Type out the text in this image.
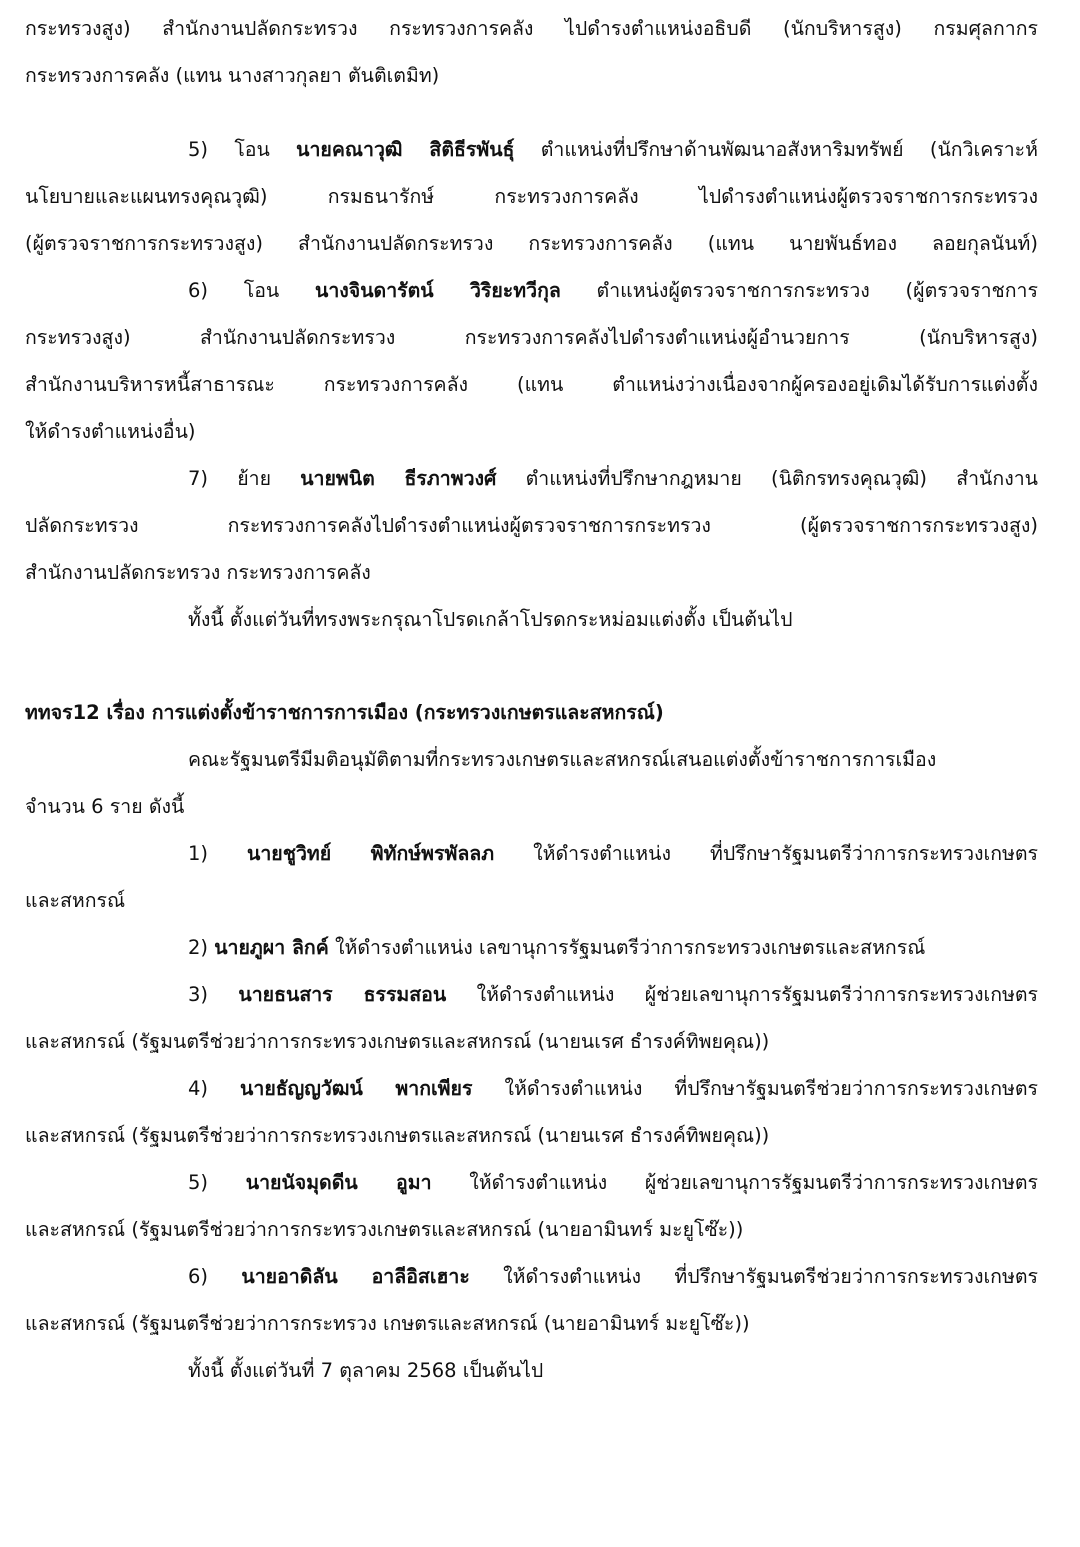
กระทรวงสูง) สำนักงานปลัดกระทรวง กระทรวงการคลัง ไปดำรงตำแหน่งอธิบดี (นักบริหารสูง) กรมศุลกากร
กระทรวงการคลัง (แทน นางสาวกุลยา ตันติเตมิท)
5) โอน นายคณาวุฒิ สิติธีรพันธุ์ ตำแหน่งที่ปรึกษาด้านพัฒนาอสังหาริมทรัพย์ (นักวิเคราะห์
นโยบายและแผนทรงคุณวุฒิ) กรมธนารักษ์ กระทรวงการคลัง ไปดำรงตำแหน่งผู้ตรวจราชการกระทรวง
(ผู้ตรวจราชการกระทรวงสูง) สำนักงานปลัดกระทรวง กระทรวงการคลัง (แทน นายพันธ์ทอง ลอยกุลนันท์)
6) โอน นางจินดารัตน์ วิริยะทวีกุล ตำแหน่งผู้ตรวจราชการกระทรวง (ผู้ตรวจราชการ
กระทรวงสูง) สำนักงานปลัดกระทรวง กระทรวงการคลังไปดำรงตำแหน่งผู้อำนวยการ (นักบริหารสูง)
สำนักงานบริหารหนี้สาธารณะ กระทรวงการคลัง (แทน ตำแหน่งว่างเนื่องจากผู้ครองอยู่เดิมได้รับการแต่งตั้ง
ให้ดำรงตำแหน่งอื่น)
7) ย้าย นายพนิต ธีรภาพวงศ์ ตำแหน่งที่ปรึกษากฎหมาย (นิติกรทรงคุณวุฒิ) สำนักงาน
ปลัดกระทรวง กระทรวงการคลังไปดำรงตำแหน่งผู้ตรวจราชการกระทรวง (ผู้ตรวจราชการกระทรวงสูง)
สำนักงานปลัดกระทรวง กระทรวงการคลัง
ทั้งนี้ ตั้งแต่วันที่ทรงพระกรุณาโปรดเกล้าโปรดกระหม่อมแต่งตั้ง เป็นต้นไป
ททจร12 เรื่อง การแต่งตั้งข้าราชการการเมือง (กระทรวงเกษตรและสหกรณ์)
คณะรัฐมนตรีมีมติอนุมัติตามที่กระทรวงเกษตรและสหกรณ์เสนอแต่งตั้งข้าราชการการเมือง
จำนวน 6 ราย ดังนี้
1) นายชูวิทย์ พิทักษ์พรพัลลภ ให้ดำรงตำแหน่ง ที่ปรึกษารัฐมนตรีว่าการกระทรวงเกษตร
และสหกรณ์
2) นายภูผา ลิกค์ ให้ดำรงตำแหน่ง เลขานุการรัฐมนตรีว่าการกระทรวงเกษตรและสหกรณ์
3) นายธนสาร ธรรมสอน ให้ดำรงตำแหน่ง ผู้ช่วยเลขานุการรัฐมนตรีว่าการกระทรวงเกษตร
และสหกรณ์ (รัฐมนตรีช่วยว่าการกระทรวงเกษตรและสหกรณ์ (นายนเรศ ธำรงค์ทิพยคุณ))
4) นายธัญญวัฒน์ พากเพียร ให้ดำรงตำแหน่ง ที่ปรึกษารัฐมนตรีช่วยว่าการกระทรวงเกษตร
และสหกรณ์ (รัฐมนตรีช่วยว่าการกระทรวงเกษตรและสหกรณ์ (นายนเรศ ธำรงค์ทิพยคุณ))
5) นายนัจมุดดีน อูมา ให้ดำรงตำแหน่ง ผู้ช่วยเลขานุการรัฐมนตรีว่าการกระทรวงเกษตร
และสหกรณ์ (รัฐมนตรีช่วยว่าการกระทรวงเกษตรและสหกรณ์ (นายอามินทร์ มะยูโซ๊ะ))
6) นายอาดิลัน อาลีอิสเฮาะ ให้ดำรงตำแหน่ง ที่ปรึกษารัฐมนตรีช่วยว่าการกระทรวงเกษตร
และสหกรณ์ (รัฐมนตรีช่วยว่าการกระทรวง เกษตรและสหกรณ์ (นายอามินทร์ มะยูโซ๊ะ))
ทั้งนี้ ตั้งแต่วันที่ 7 ตุลาคม 2568 เป็นต้นไป
